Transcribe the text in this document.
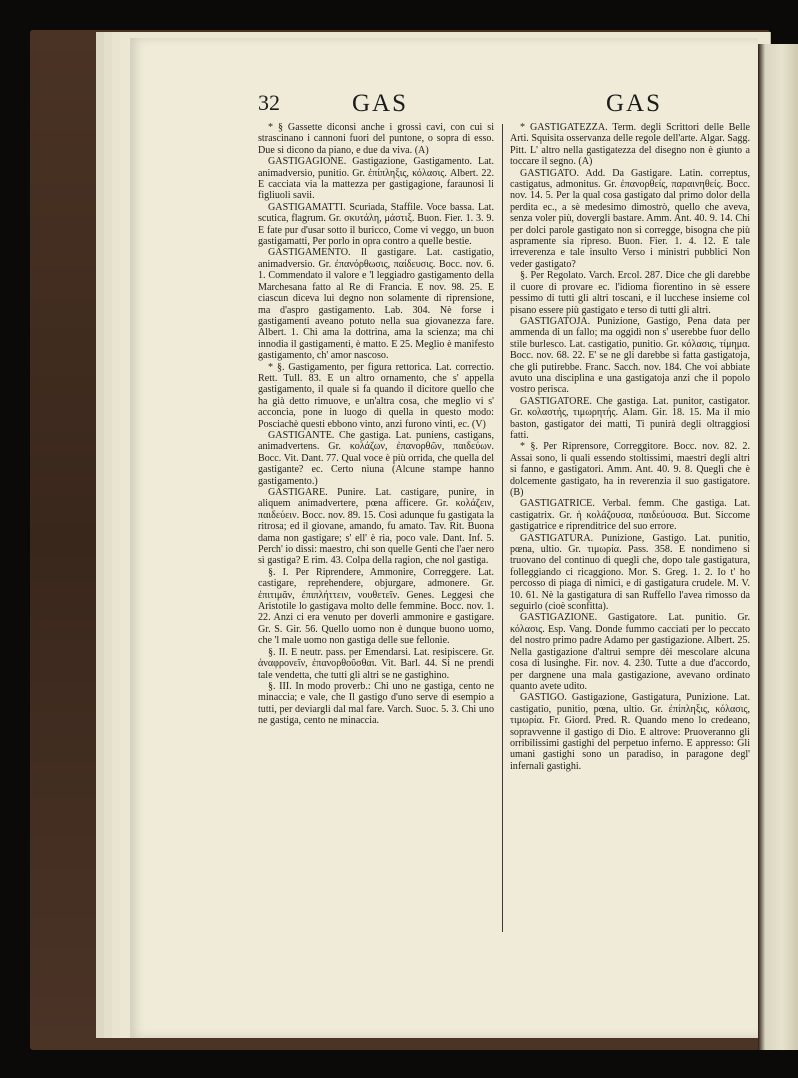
32	GAS	GAS

* § Gassette diconsi anche i grossi cavi, con cui si strascinano i cannoni fuori del puntone, o sopra di esso. Due si dicono da piano, e due da viva. (A)

GASTIGAGIONE. Gastigazione, Gastigamento. Lat. animadversio, punitio. Gr. ἐπίπληξις, κόλασις. Albert. 22. E cacciata via la mattezza per gastigagione, faraunosi li figliuoli savii.

GASTIGAMATTI. Scuriada, Staffile. Voce bassa. Lat. scutica, flagrum. Gr. σκυτάλη, μάστιξ. Buon. Fier. 1. 3. 9. E fate pur d'usar sotto il buricco, Come vi veggo, un buon gastigamatti, Per porlo in opra contro a quelle bestie.

GASTIGAMENTO. Il gastigare. Lat. castigatio, animadversio. Gr. ἐπανόρθωσις, παίδευσις. Bocc. nov. 6. 1. Commendato il valore e 'l leggiadro gastigamento della Marchesana fatto al Re di Francia. E nov. 98. 25. E ciascun diceva lui degno non solamente di riprensione, ma d'aspro gastigamento. Lab. 304. Nè forse i gastigamenti aveano potuto nella sua giovanezza fare. Albert. 1. Chi ama la dottrina, ama la scienza; ma chi innodia il gastigamenti, è matto. E 25. Meglio è manifesto gastigamento, ch' amor nascoso.

* §. Gastigamento, per figura rettorica. Lat. correctio. Rett. Tull. 83. E un altro ornamento, che s' appella gastigamento, il quale si fa quando il dicitore quello che ha già detto rimuove, e un'altra cosa, che meglio vi s' acconcia, pone in luogo di quella in questo modo: Posciachè questi ebbono vinto, anzi furono vinti, ec. (V)

GASTIGANTE. Che gastiga. Lat. puniens, castigans, animadvertens. Gr. κολάζων, ἐπανορθῶν, παιδεύων. Bocc. Vit. Dant. 77. Qual voce è più orrida, che quella del gastigante? ec. Certo niuna (Alcune stampe hanno gastigamento.)

GASTIGARE. Punire. Lat. castigare, punire, in aliquem animadvertere, pœna afficere. Gr. κολάζειν, παιδεύειν. Bocc. nov. 89. 15. Così adunque fu gastigata la ritrosa; ed il giovane, amando, fu amato. Tav. Rit. Buona dama non gastigare; s' ell' è ria, poco vale. Dant. Inf. 5. Perch' io dissi: maestro, chi son quelle Genti che l'aer nero sì gastiga? E rim. 43. Colpa della ragion, che nol gastiga.

§. I. Per Riprendere, Ammonire, Correggere. Lat. castigare, reprehendere, objurgare, admonere. Gr. ἐπιτιμᾶν, ἐπιπλήττειν, νουθετεῖν. Genes. Leggesi che Aristotile lo gastigava molto delle femmine. Bocc. nov. 1. 22. Anzi ci era venuto per doverli ammonire e gastigare. Gr. S. Gir. 56. Quello uomo non è dunque buono uomo, che 'l male uomo non gastiga delle sue fellonìe.

§. II. E neutr. pass. per Emendarsi. Lat. resipiscere. Gr. ἀναφρονεῖν, ἐπανορθοῦσθαι. Vit. Barl. 44. Si ne prendi tale vendetta, che tutti gli altri se ne gastighino.

§. III. In modo proverb.: Chi uno ne gastiga, cento ne minaccia; e vale, che Il gastigo d'uno serve di esempio a tutti, per deviargli dal mal fare. Varch. Suoc. 5. 3. Chi uno ne gastiga, cento ne minaccia.

* GASTIGATEZZA. Term. degli Scrittori delle Belle Arti. Squisita osservanza delle regole dell'arte. Algar. Sagg. Pitt. L' altro nella gastigatezza del disegno non è giunto a toccare il segno. (A)

GASTIGATO. Add. Da Gastigare. Latin. correptus, castigatus, admonitus. Gr. ἐπανορθείς, παραινηθείς. Bocc. nov. 14. 5. Per la qual cosa gastigato dal primo dolor della perdita ec., a sè medesimo dimostrò, quello che aveva, senza voler più, dovergli bastare. Amm. Ant. 40. 9. 14. Chi per dolci parole gastigato non si corregge, bisogna che più aspramente sia ripreso. Buon. Fier. 1. 4. 12. E tale irreverenza e tale insulto Verso i ministri pubblici Non veder gastigato?

§. Per Regolato. Varch. Ercol. 287. Dice che gli darebbe il cuore di provare ec. l'idioma fiorentino in sè essere pessimo di tutti gli altri toscani, e il lucchese insieme col pisano essere più gastigato e terso di tutti gli altri.

GASTIGATOJA. Punizione, Gastigo, Pena data per ammenda di un fallo; ma oggidì non s' userebbe fuor dello stile burlesco. Lat. castigatio, punitio. Gr. κόλασις, τίμημα. Bocc. nov. 68. 22. E' se ne gli darebbe sì fatta gastigatoja, che gli putirebbe. Franc. Sacch. nov. 184. Che voi abbiate avuto una disciplina e una gastigatoja anzi che il popolo vostro perisca.

GASTIGATORE. Che gastiga. Lat. punitor, castigator. Gr. κολαστής, τιμωρητής. Alam. Gir. 18. 15. Ma il mio baston, gastigator dei matti, Ti punirà degli oltraggiosi fatti.

* §. Per Riprensore, Correggitore. Bocc. nov. 82. 2. Assai sono, li quali essendo stoltissimi, maestri degli altri si fanno, e gastigatori. Amm. Ant. 40. 9. 8. Queglì che è dolcemente gastigato, ha in reverenzia il suo gastigatore. (B)

GASTIGATRICE. Verbal. femm. Che gastiga. Lat. castigatrix. Gr. ἡ κολάζουσα, παιδεύουσα. But. Siccome gastigatrice e riprenditrice del suo errore.

GASTIGATURA. Punizione, Gastigo. Lat. punitio, pœna, ultio. Gr. τιμωρία. Pass. 358. E nondimeno si truovano del continuo di quegli che, dopo tale gastigatura, folleggiando ci ricaggiono. Mor. S. Greg. 1. 2. Io t' ho percosso di piaga di nimici, e di gastigatura crudele. M. V. 10. 61. Nè la gastigatura di san Ruffello l'avea rimosso da seguirlo (cioè sconfitta).

GASTIGAZIONE. Gastigatore. Lat. punitio. Gr. κόλασις. Esp. Vang. Donde fummo cacciati per lo peccato del nostro primo padre Adamo per gastigazione. Albert. 25. Nella gastigazione d'altrui sempre dèi mescolare alcuna cosa di lusinghe. Fir. nov. 4. 230. Tutte a due d'accordo, per dargnene una mala gastigazione, avevano ordinato quanto avete udito.

GASTIGO. Gastigazione, Gastigatura, Punizione. Lat. castigatio, punitio, pœna, ultio. Gr. ἐπίπληξις, κόλασις, τιμωρία. Fr. Giord. Pred. R. Quando meno lo credeano, sopravvenne il gastigo di Dio. E altrove: Pruoveranno gli orribilissimi gastighi del perpetuo inferno. E appresso: Gli umani gastighi sono un paradiso, in paragone degl' infernali gastighi.
